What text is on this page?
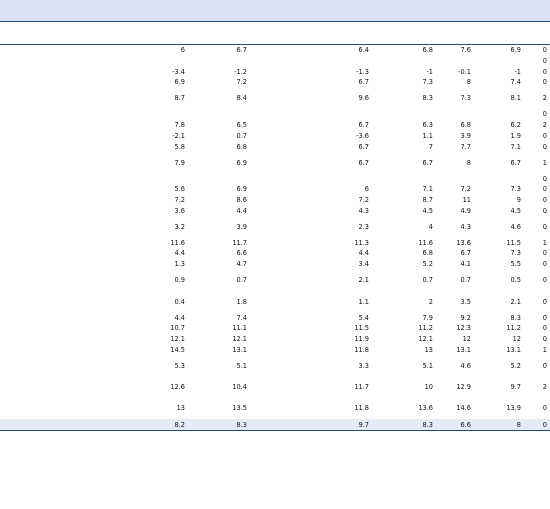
	6	6.7	6.4	6.8	7.6	6.9	0
							0
	-3.4	-1.2	-1.3	-1	-0.1	-1	0
	6.9	7.2	6.7	7.3	8	7.4	0
	8.7	8.4	9.6	8.3	7.3	8.1	2
							0
	7.8	6.5	6.7	6.3	6.8	6.2	2
	-2.1	0.7	-3.6	1.1	3.9	1.9	0
	5.8	6.8	6.7	7	7.7	7.1	0
	7.9	6.9	6.7	6.7	8	6.7	1
							0
	5.6	6.9	6	7.1	7.2	7.3	0
	7.2	8.6	7.2	8.7	11	9	0
	3.6	4.4	4.3	4.5	4.9	4.5	0
	3.2	3.9	2.3	4	4.3	4.6	0
	11.6	11.7	11.3	11.6	13.6	11.5	1
	4.4	6.6	4.4	6.8	6.7	7.3	0
	1.3	4.7	3.4	5.2	4.1	5.5	0
	0.9	0.7	2.1	0.7	0.7	0.5	0
	0.4	1.8	1.1	2	3.5	2.1	0
	4.4	7.4	5.4	7.9	9.2	8.3	0
	10.7	11.1	11.5	11.2	12.3	11.2	0
	12.1	12.1	11.9	12.1	12	12	0
	14.5	13.1	11.8	13	13.1	13.1	1
	5.3	5.1	3.3	5.1	4.6	5.2	0
	12.6	10.4	11.7	10	12.9	9.7	2
	13	13.5	11.8	13.6	14.6	13.9	0
	8.2	8.3	9.7	8.3	6.6	8	0
